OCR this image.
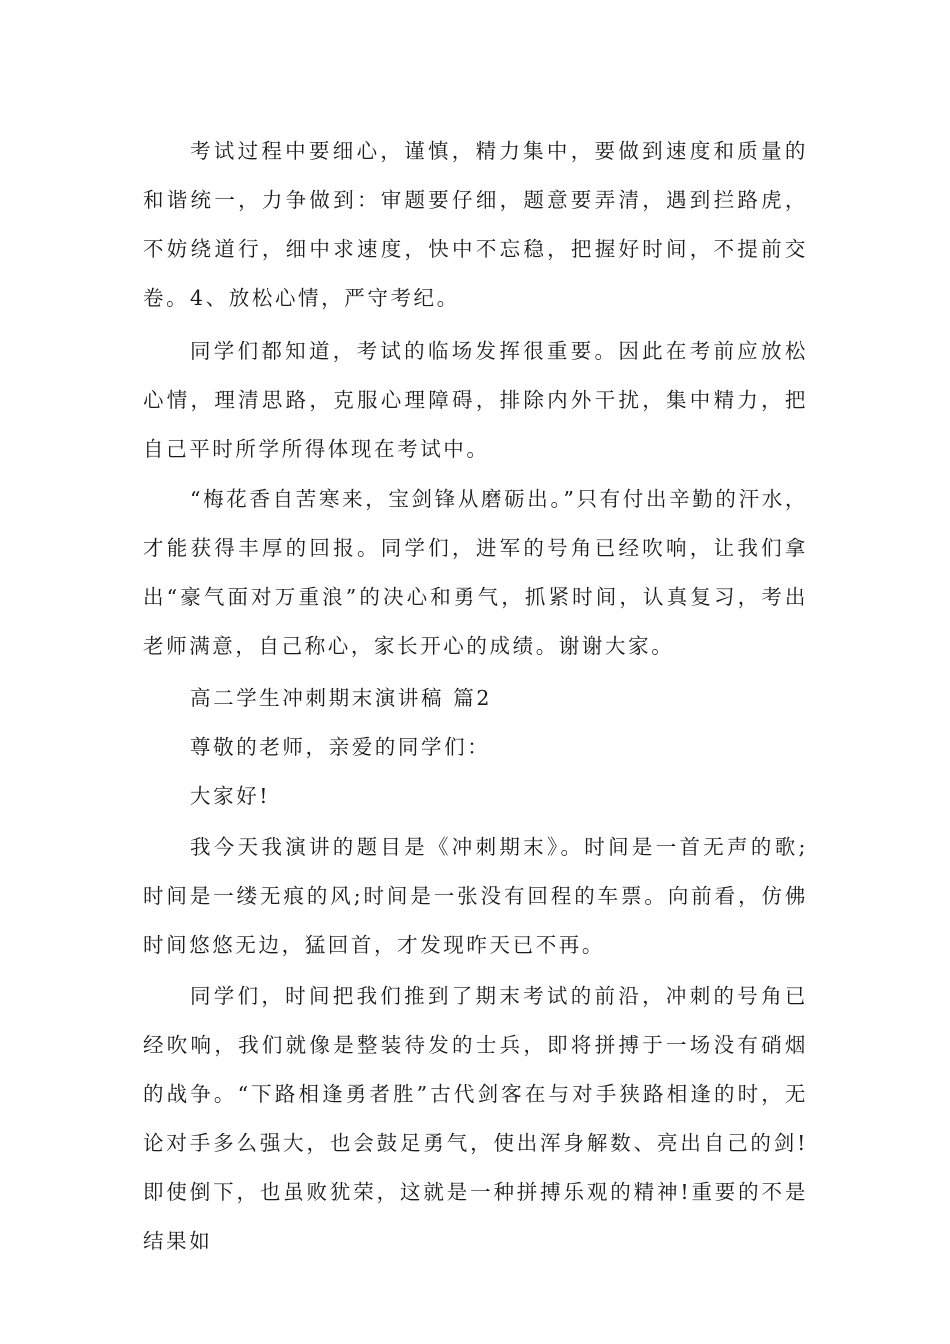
考试过程中要细心，谨慎，精力集中，要做到速度和质量的和谐统一，力争做到：审题要仔细，题意要弄清，遇到拦路虎，不妨绕道行，细中求速度，快中不忘稳，把握好时间，不提前交卷。 4、放松心情，严守考纪。

同学们都知道，考试的临场发挥很重要。因此在考前应放松心情，理清思路，克服心理障碍，排除内外干扰，集中精力，把自己平时所学所得体现在考试中。

“梅花香自苦寒来，宝剑锋从磨砺出。”只有付出辛勤的汗水，才能获得丰厚的回报。同学们，进军的号角已经吹响，让我们拿出“豪气面对万重浪”的决心和勇气，抓紧时间，认真复习，考出老师满意，自己称心，家长开心的成绩。谢谢大家。

高二学生冲刺期末演讲稿 篇2

尊敬的老师，亲爱的同学们：

大家好!

我今天我演讲的题目是《冲刺期末》。时间是一首无声的歌;时间是一缕无痕的风;时间是一张没有回程的车票。向前看，仿佛时间悠悠无边，猛回首，才发现昨天已不再。

同学们，时间把我们推到了期末考试的前沿，冲刺的号角已经吹响，我们就像是整装待发的士兵，即将拼搏于一场没有硝烟的战争。“下路相逢勇者胜”古代剑客在与对手狭路相逢的时，无论对手多么强大，也会鼓足勇气，使出浑身解数、亮出自己的剑!即使倒下，也虽败犹荣，这就是一种拼搏乐观的精神!重要的不是结果如
